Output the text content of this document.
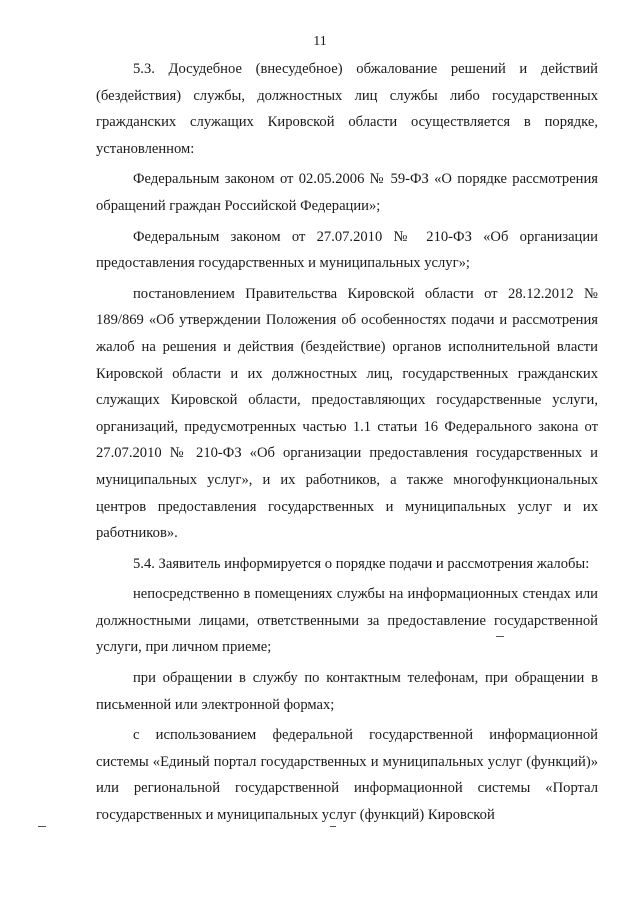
11

5.3. Досудебное (внесудебное) обжалование решений и действий (бездействия) службы, должностных лиц службы либо государственных гражданских служащих Кировской области осуществляется в порядке, установленном:

Федеральным законом от 02.05.2006 № 59-ФЗ «О порядке рассмотрения обращений граждан Российской Федерации»;

Федеральным законом от 27.07.2010 № 210-ФЗ «Об организации предоставления государственных и муниципальных услуг»;

постановлением Правительства Кировской области от 28.12.2012 № 189/869 «Об утверждении Положения об особенностях подачи и рассмотрения жалоб на решения и действия (бездействие) органов исполнительной власти Кировской области и их должностных лиц, государственных гражданских служащих Кировской области, предоставляющих государственные услуги, организаций, предусмотренных частью 1.1 статьи 16 Федерального закона от 27.07.2010 № 210-ФЗ «Об организации предоставления государственных и муниципальных услуг», и их работников, а также многофункциональных центров предоставления государственных и муниципальных услуг и их работников».

5.4. Заявитель информируется о порядке подачи и рассмотрения жалобы:

непосредственно в помещениях службы на информационных стендах или должностными лицами, ответственными за предоставление государственной услуги, при личном приеме;

при обращении в службу по контактным телефонам, при обращении в письменной или электронной формах;

с использованием федеральной государственной информационной системы «Единый портал государственных и муниципальных услуг (функций)» или региональной государственной информационной системы «Портал государственных и муниципальных услуг (функций) Кировской
